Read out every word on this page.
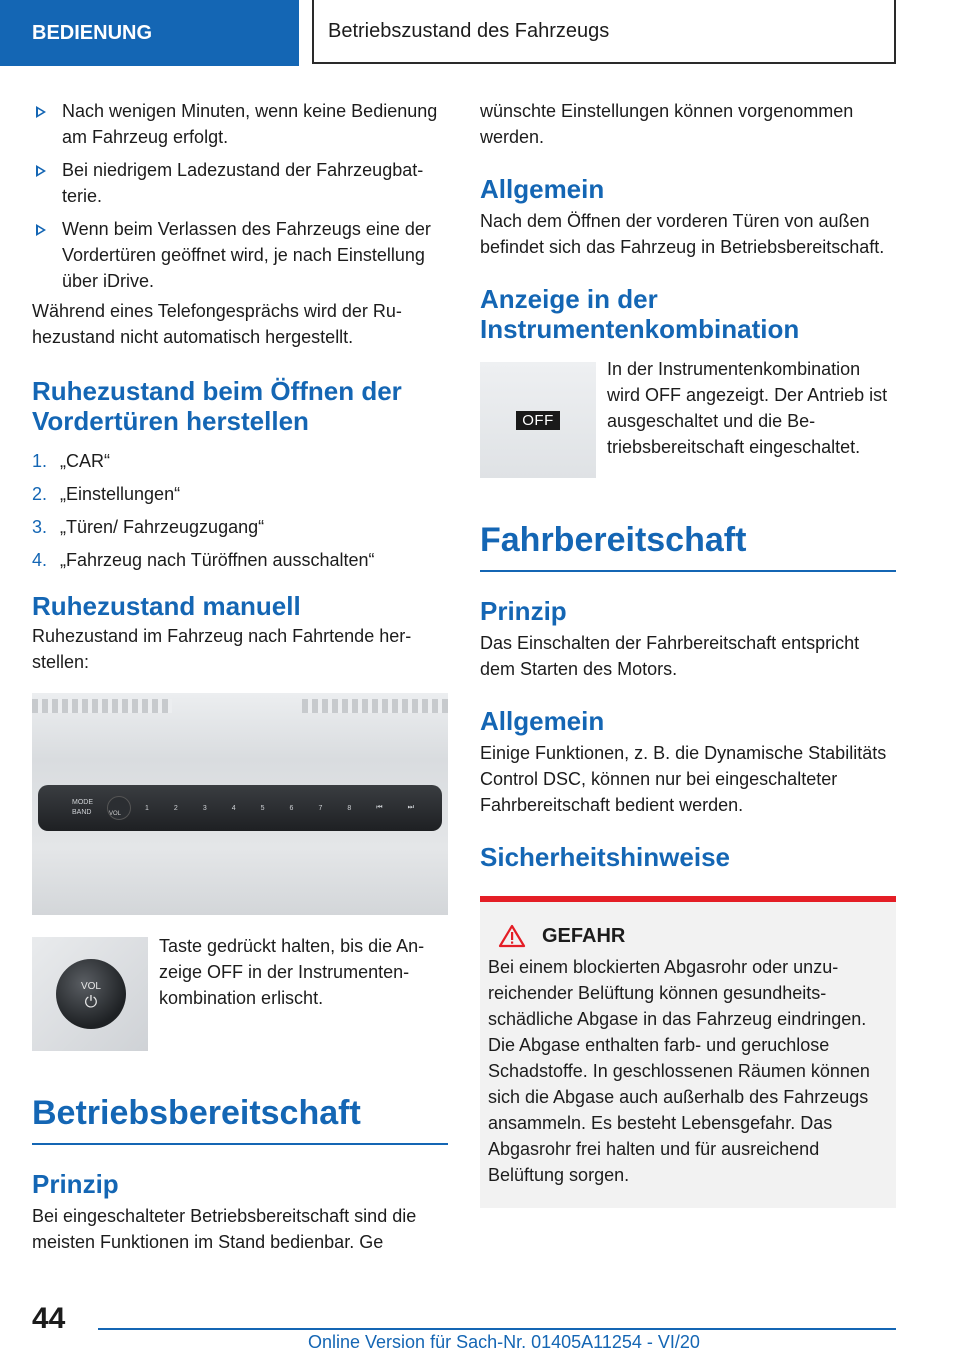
BEDIENUNG	Betriebszustand des Fahrzeugs
Nach wenigen Minuten, wenn keine Bedienung am Fahrzeug erfolgt.
Bei niedrigem Ladezustand der Fahrzeugbatterie.
Wenn beim Verlassen des Fahrzeugs eine der Vordertüren geöffnet wird, je nach Einstellung über iDrive.

Während eines Telefongesprächs wird der Ruhezustand nicht automatisch hergestellt.

Ruhezustand beim Öffnen der Vordertüren herstellen
1. „CAR“
2. „Einstellungen“
3. „Türen/ Fahrzeugzugang“
4. „Fahrzeug nach Türöffnen ausschalten“
Ruhezustand manuell

Ruhezustand im Fahrzeug nach Fahrtende herstellen:

MODE
BAND
1	2	3	4	5	6	7	8	⏮	⏭
VOL
VOL
⏻

Taste gedrückt halten, bis die Anzeige OFF in der Instrumentenkombination erlischt.

Betriebsbereitschaft
Prinzip

Bei eingeschalteter Betriebsbereitschaft sind die meisten Funktionen im Stand bedienbar. Ge

wünschte Einstellungen können vorgenommen werden.

Allgemein

Nach dem Öffnen der vorderen Türen von außen befindet sich das Fahrzeug in Betriebsbereitschaft.

Anzeige in der Instrumentenkombination
OFF

In der Instrumentenkombination wird OFF angezeigt. Der Antrieb ist ausgeschaltet und die Betriebsbereitschaft eingeschaltet.

Fahrbereitschaft
Prinzip

Das Einschalten der Fahrbereitschaft entspricht dem Starten des Motors.

Allgemein

Einige Funktionen, z. B. die Dynamische Stabilitäts Control DSC, können nur bei eingeschalteter Fahrbereitschaft bedient werden.

Sicherheitshinweise
GEFAHR

Bei einem blockierten Abgasrohr oder unzureichender Belüftung können gesundheitsschädliche Abgase in das Fahrzeug eindringen. Die Abgase enthalten farb- und geruchlose Schadstoffe. In geschlossenen Räumen können sich die Abgase auch außerhalb des Fahrzeugs ansammeln. Es besteht Lebensgefahr. Das Abgasrohr frei halten und für ausreichend Belüftung sorgen.

44
Online Version für Sach-Nr. 01405A11254 - VI/20
